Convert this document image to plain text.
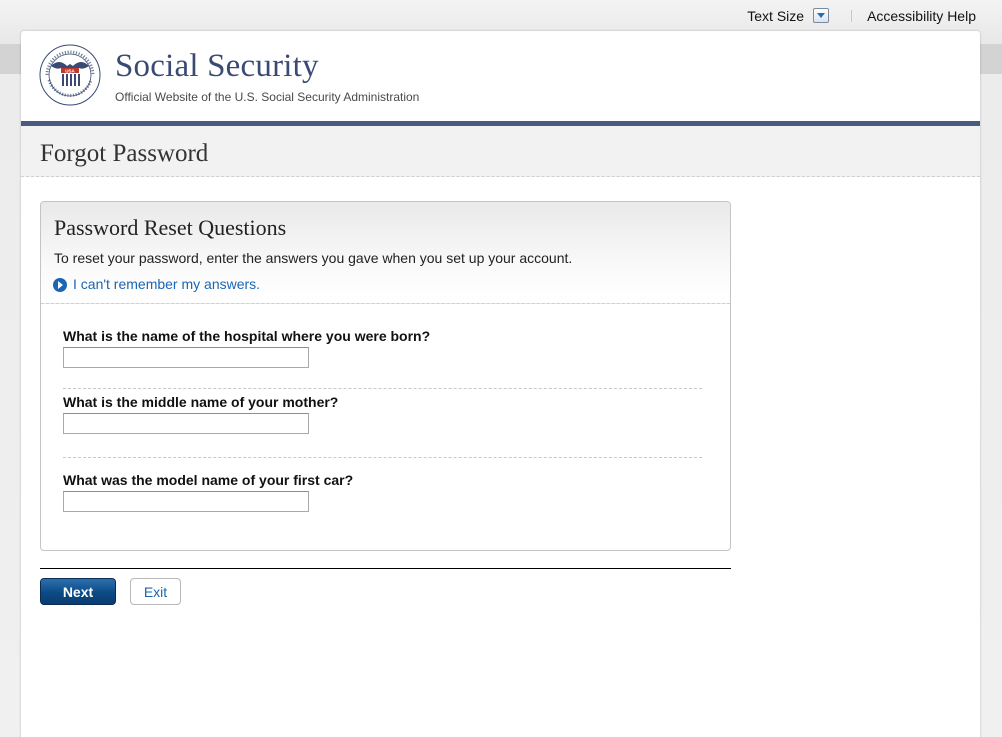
Text Size	Accessibility Help
USA Social Security
Official Website of the U.S. Social Security Administration
Forgot Password
Password Reset Questions
To reset your password, enter the answers you gave when you set up your account.
I can't remember my answers.
What is the name of the hospital where you were born?
What is the middle name of your mother?
What was the model name of your first car?
Next	Exit
